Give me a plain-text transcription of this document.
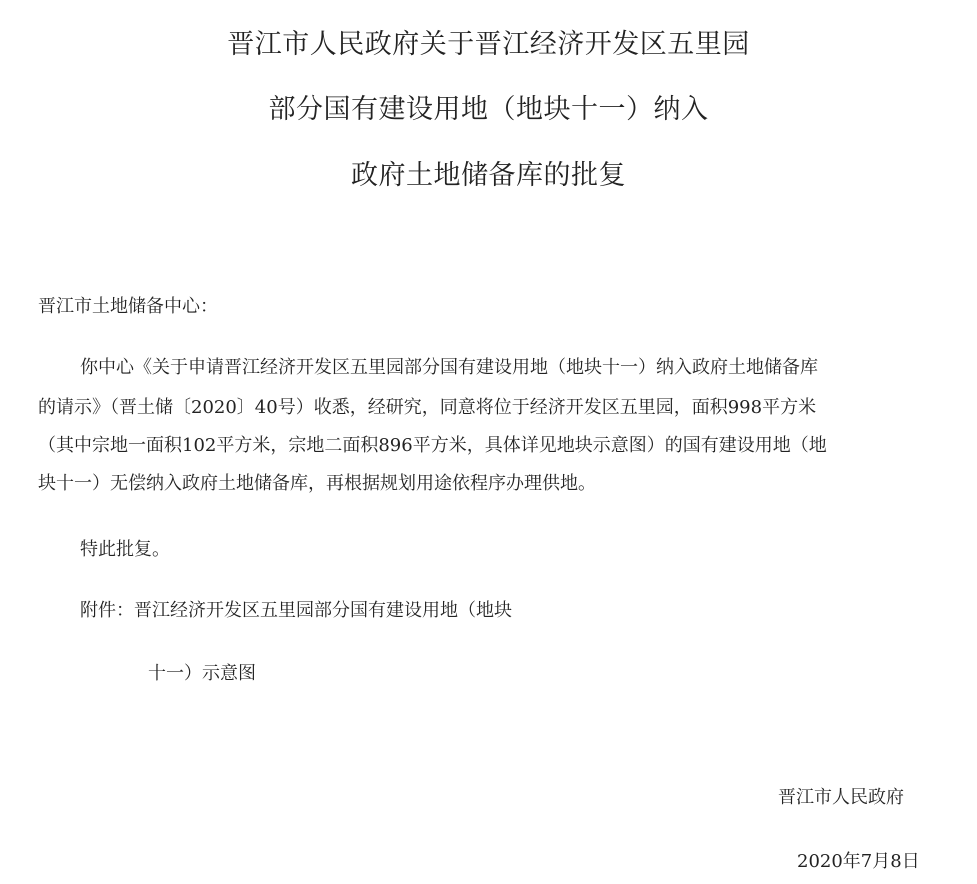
晋江市人民政府关于晋江经济开发区五里园
部分国有建设用地（地块十一）纳入
政府土地储备库的批复
晋江市土地储备中心：
你中心《关于申请晋江经济开发区五里园部分国有建设用地（地块十一）纳入政府土地储备库
的请示》（晋土储〔2020〕40号）收悉，经研究，同意将位于经济开发区五里园，面积998平方米
（其中宗地一面积102平方米，宗地二面积896平方米，具体详见地块示意图）的国有建设用地（地
块十一）无偿纳入政府土地储备库，再根据规划用途依程序办理供地。
特此批复。
附件：晋江经济开发区五里园部分国有建设用地（地块
十一）示意图
晋江市人民政府
2020年7月8日
